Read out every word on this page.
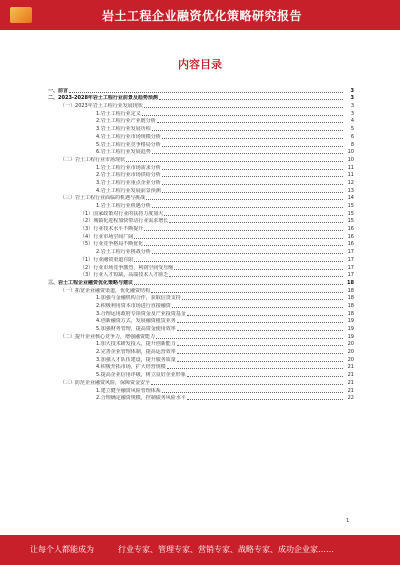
岩土工程企业融资优化策略研究报告
内容目录
一、 前言	3
二、 2023-2028年岩土工程行业前景及趋势预测	3
（一） 2023年岩土工程行业发展现状	3
1. 岩土工程行业定义	3
2. 岩土工程行业产业链分析	4
3. 岩土工程行业发展历程	5
4. 岩土工程行业市场规模分析	6
5. 岩土工程行业竞争格局分析	8
6. 岩土工程行业发展趋势	10
（二） 岩土工程行业市场现状	10
1. 岩土工程行业市场需求分析	11
2. 岩土工程行业市场供给分析	11
3. 岩土工程行业重点企业分析	12
4. 岩土工程行业发展前景预测	13
（三） 岩土工程行业面临的机遇与挑战	14
1. 岩土工程行业机遇分析	15
（1） 国家政策对行业的扶持力度加大	15
（2） 城镇化进程加快带动行业需求增长	15
（3） 行业技术水平不断提升	16
（4） 行业市场空间广阔	16
（5） 行业竞争格局不断优化	16
2. 岩土工程行业挑战分析	17
（1） 行业融资渠道有限	17
（2） 行业市场竞争激烈，利润空间受压缩	17
（3） 行业人才短缺，高端技术人才匮乏	17
三、 岩土工程企业融资优化策略与建议	18
（一） 拓宽企业融资渠道，优化融资结构	18
1. 加强与金融机构合作，获取信贷支持	18
2. 积极利用资本市场进行直接融资	18
3. 合理运用政府专项资金及产业投资基金	18
4. 创新融资方式，发展融资租赁业务	19
5. 加强财务管理，提高资金使用效率	19
（二） 提升企业核心竞争力，增强融资能力	19
1. 加大技术研发投入，提升创新能力	20
2. 完善企业管理体制，提高运营效率	20
3. 加强人才队伍建设，提升服务质量	20
4. 积极开拓市场，扩大经营规模	21
5. 提高企业信用评级，树立良好企业形象	21
（三） 防范企业融资风险，保障资金安全	21
1. 建立健全融资风险管理体系	21
2. 合理确定融资规模，控制债务风险水平	22
1
让每个人都能成为	行业专家、管理专家、营销专家、战略专家、成功企业家……
